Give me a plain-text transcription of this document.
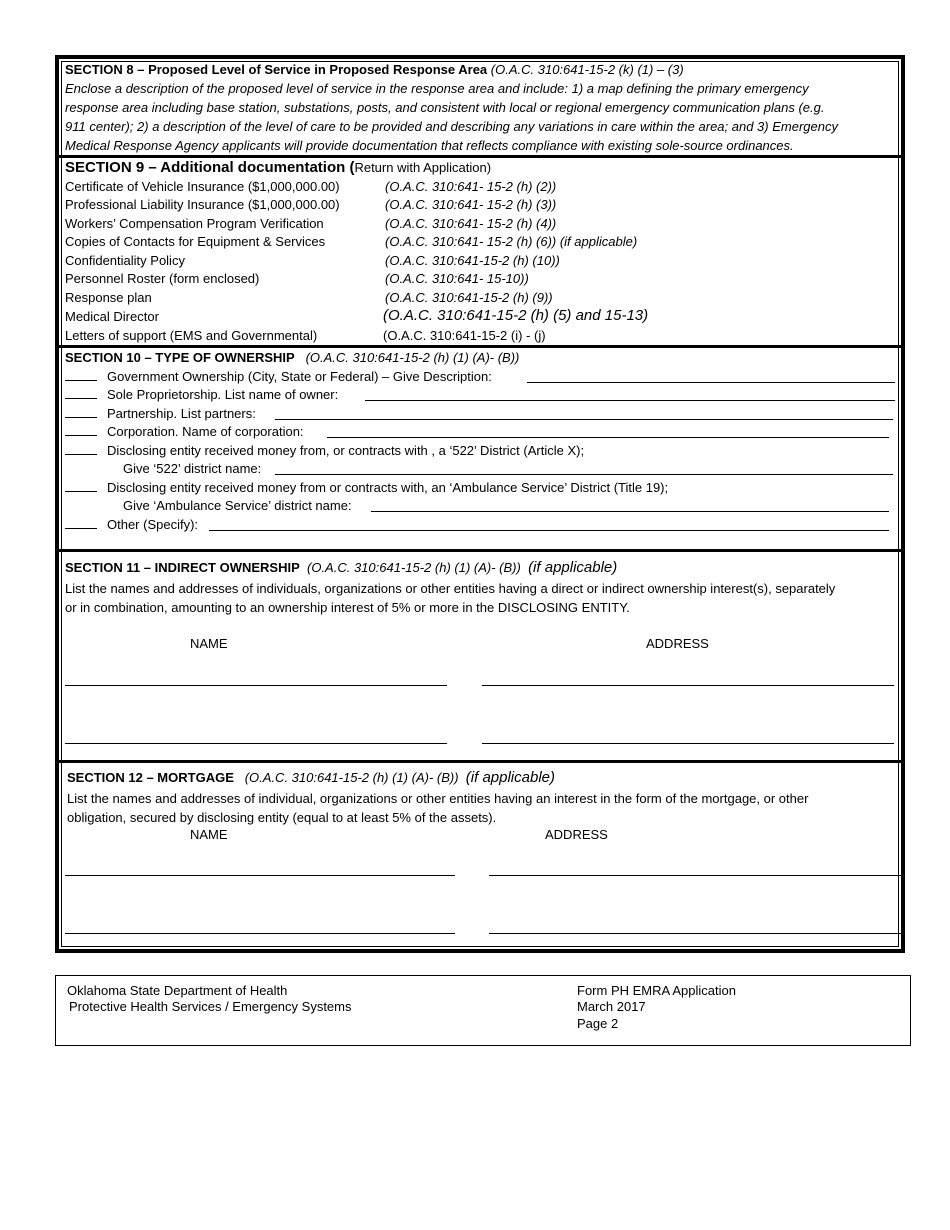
SECTION 8 – Proposed Level of Service in Proposed Response Area (O.A.C. 310:641-15-2 (k) (1) – (3)
Enclose a description of the proposed level of service in the response area and include: 1) a map defining the primary emergency
response area including base station, substations, posts, and consistent with local or regional emergency communication plans (e.g.
911 center); 2) a description of the level of care to be provided and describing any variations in care within the area; and 3) Emergency
Medical Response Agency applicants will provide documentation that reflects compliance with existing sole-source ordinances.
SECTION 9 – Additional documentation (Return with Application)
Certificate of Vehicle Insurance ($1,000,000.00)	(O.A.C. 310:641- 15-2 (h) (2))
Professional Liability Insurance ($1,000,000.00)	(O.A.C. 310:641- 15-2 (h) (3))
Workers’ Compensation Program Verification	(O.A.C. 310:641- 15-2 (h) (4))
Copies of Contacts for Equipment & Services	(O.A.C. 310:641- 15-2 (h) (6)) (if applicable)
Confidentiality Policy	(O.A.C. 310:641-15-2 (h) (10))
Personnel Roster (form enclosed)	(O.A.C. 310:641- 15-10))
Response plan	(O.A.C. 310:641-15-2 (h) (9))
Medical Director	(O.A.C. 310:641-15-2 (h) (5) and 15-13)
Letters of support (EMS and Governmental)	(O.A.C. 310:641-15-2 (i) - (j)
SECTION 10 – TYPE OF OWNERSHIP (O.A.C. 310:641-15-2 (h) (1) (A)- (B))
Government Ownership (City, State or Federal) – Give Description:
Sole Proprietorship. List name of owner:
Partnership. List partners:
Corporation. Name of corporation:
Disclosing entity received money from, or contracts with , a ‘522’ District (Article X);
Give ‘522’ district name:
Disclosing entity received money from or contracts with, an ‘Ambulance Service’ District (Title 19);
Give ‘Ambulance Service’ district name:
Other (Specify):
SECTION 11 – INDIRECT OWNERSHIP (O.A.C. 310:641-15-2 (h) (1) (A)- (B)) (if applicable)
List the names and addresses of individuals, organizations or other entities having a direct or indirect ownership interest(s), separately
or in combination, amounting to an ownership interest of 5% or more in the DISCLOSING ENTITY.
NAME	ADDRESS
SECTION 12 – MORTGAGE (O.A.C. 310:641-15-2 (h) (1) (A)- (B)) (if applicable)
List the names and addresses of individual, organizations or other entities having an interest in the form of the mortgage, or other
obligation, secured by disclosing entity (equal to at least 5% of the assets).
NAME	ADDRESS
Oklahoma State Department of Health
Protective Health Services / Emergency Systems
Form PH EMRA Application
March 2017
Page 2
